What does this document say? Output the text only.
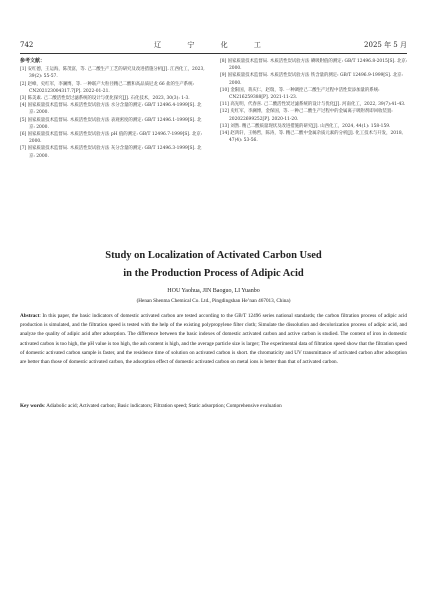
742	辽 宁 化 工	2025 年 5 月
参考文献：
[1] 安红德，王运海，陈茂富，等. 己二酸生产工艺的研究及改进措施分析[J]. 江西化工，2023, 39(2): 55-57.
[2] 赵峰，史红军，李澜博，等. 一种联产大粒径精己二酸和高品质尼龙 66 盐的生产系统: CN202123004317.7[P]. 2022-01-21.
[3] 陈美素. 己二酸活性炭过滤系统的设计与优化探究[J]. 石化技术，2023, 30(3): 1-3.
[4] 国家质量技术监督局. 木质活性炭试验方法 水分含量的测定: GB/T 12496.4-1999[S]. 北京: 2000.
[5] 国家质量技术监督局. 木质活性炭试验方法 表观密度的测定: GB/T 12496.1-1999[S]. 北京: 2000.
[6] 国家质量技术监督局. 木质活性炭试验方法 pH 值的测定: GB/T 12496.7-1999[S]. 北京: 2000.
[7] 国家质量技术监督局. 木质活性炭试验方法 灰分含量的测定: GB/T 12496.3-1999[S]. 北京: 2000.
[8] 国家质量技术监督局. 木质活性炭试验方法 碘吸附值的测定: GB/T 12496.8-2015[S]. 北京: 2000.
[9] 国家质量技术监督局. 木质活性炭试验方法 铁含量的测定: GB/T 12496.9-1999[S]. 北京: 2000.
[10] 金限国，蒋庆仁，赵瑞，等. 一种调控己二酸生产过程中活性炭添加量的系统: CN216259388[P]. 2021-11-23.
[11] 高先明，代春喜. 己二酸活性炭过滤系统的设计与优化[J]. 河南化工，2022, 39(7):41-43.
[12] 史红军，李澜博，金保国，等. 一种己二酸生产过程中的金属离子吸附剂即回收装置: 202022699252[P]. 2020-11-20.
[13] 刘然. 精己二酸质量现状及改进措施的研究[J]. 山西化工，2024, 44(1): 158-159.
[14] 赵鸿轩，王畅哲，陈涛，等. 精己二酸中金属杂质元素的分析[J]. 化工技术与开发，2018, 47(4): 53-56.
Study on Localization of Activated Carbon Used
in the Production Process of Adipic Acid
HOU Yaohua, JIN Baoguo, LI Yuanbo
(Henan Shenma Chemical Co. Ltd., Pingdingshan He’nan 467013, China)
Abstract: In this paper, the basic indicators of domestic activated carbon are tested according to the GB/T 12496 series national standards; the carbon filtration process of adipic acid production is simulated, and the filtration speed is tested with the help of the existing polypropylene filter cloth; Simulate the dissolution and decolorization process of adipic acid, and analyze the quality of adipic acid after adsorption. The difference between the basic indexes of domestic activated carbon and active carbon is studied. The content of iron in domestic activated carbon is too high, the pH value is too high, the ash content is high, and the average particle size is larger; The experimental data of filtration speed show that the filtration speed of domestic activated carbon sample is faster, and the residence time of solution on activated carbon is short. the chromaticity and UV transmittance of activated carbon after adsorption are better than those of domestic activated carbon, the adsorption effect of domestic activated carbon on metal ions is better than that of activated carbon.
Key words: Adiabolic acid; Activated carbon; Basic indicators; Filtration speed; Static adsorption; Comprehensive evaluation
